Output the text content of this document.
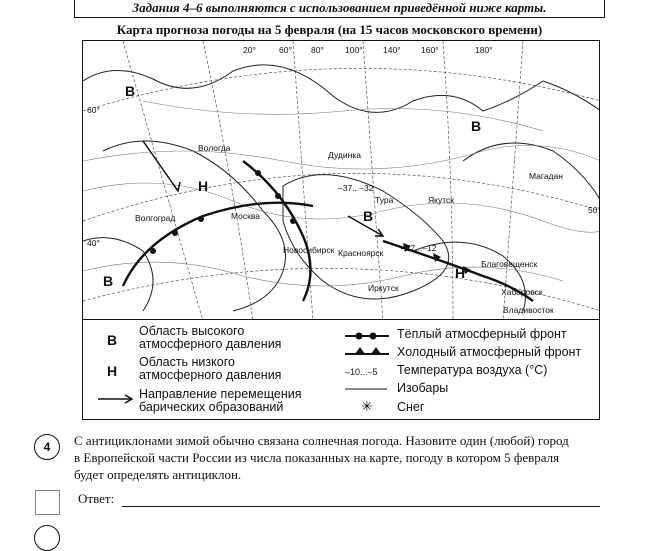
Задания 4–6 выполняются с использованием приведённой ниже карты.
Карта прогноза погоды на 5 февраля (на 15 часов московского времени)
В
В
В
Н
Н
В
20°	60° 80° 100° 140° 160°	180°
60°
50°
40°
Вологда
Москва
Волгоград
Новосибирск
Дудинка
Тура	Якутск
Красноярск
Иркутск
Благовещенск
Хабаровск
Владивосток
Магадан
–37...–32
–17...–12
В
Область высокого атмосферного давления
Н
Область низкого атмосферного давления
Направление перемещения барических образований
Тёплый атмосферный фронт
Холодный атмосферный фронт
–10...–5 Температура воздуха (°С)
Изобары
✳ Снег
4	С антициклонами зимой обычно связана солнечная погода. Назовите один (любой) город
в Европейской части России из числа показанных на карте, погоду в котором 5 февраля
будет определять антициклон.
Ответ:
